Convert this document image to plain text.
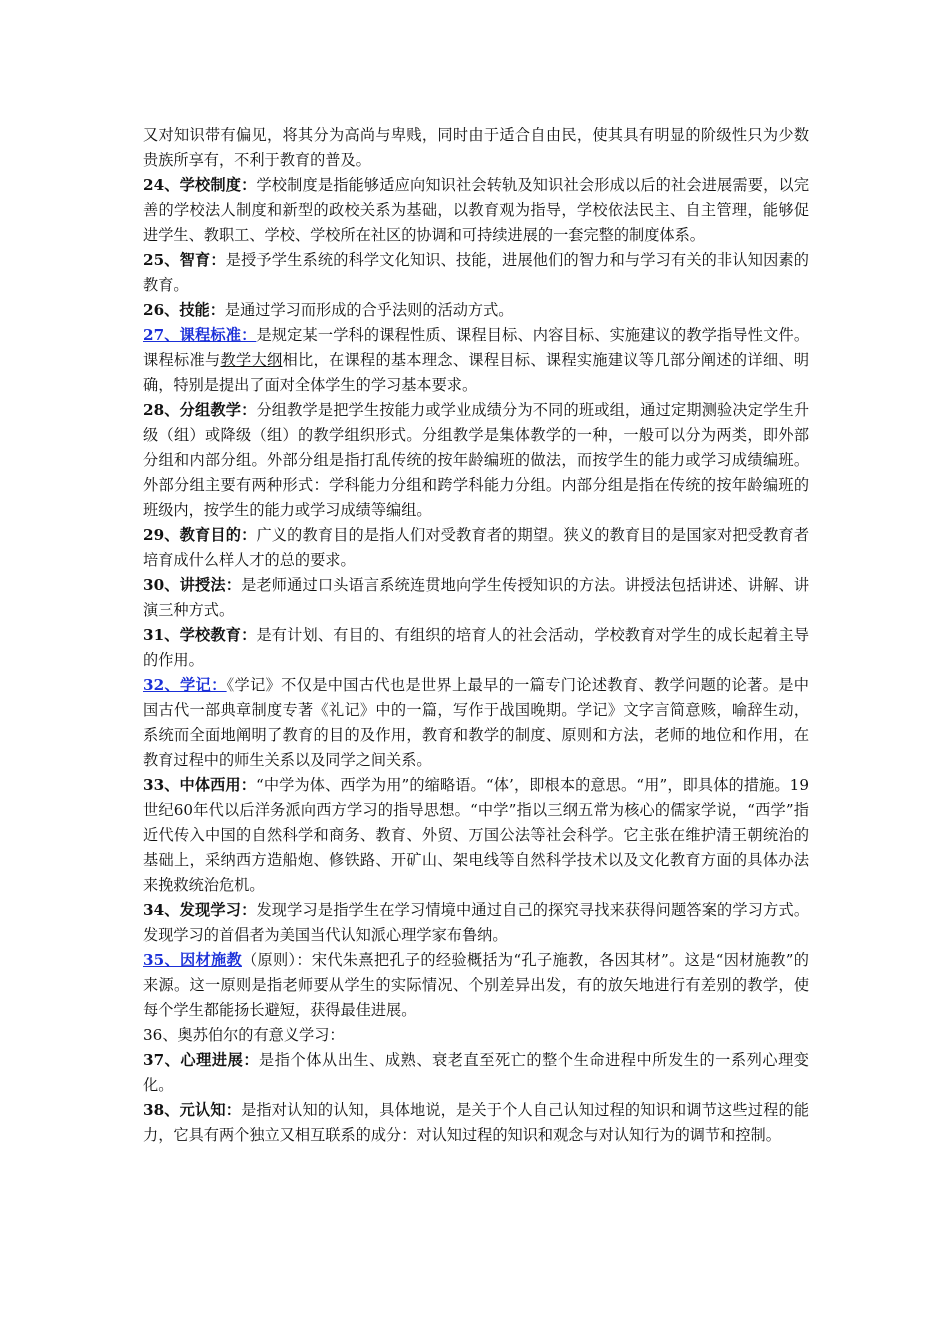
又对知识带有偏见，将其分为高尚与卑贱，同时由于适合自由民，使其具有明显的阶级性只为少数贵族所享有，不利于教育的普及。

24、学校制度：学校制度是指能够适应向知识社会转轨及知识社会形成以后的社会进展需要，以完善的学校法人制度和新型的政校关系为基础，以教育观为指导，学校依法民主、自主管理，能够促进学生、教职工、学校、学校所在社区的协调和可持续进展的一套完整的制度体系。

25、智育：是授予学生系统的科学文化知识、技能，进展他们的智力和与学习有关的非认知因素的教育。

26、技能：是通过学习而形成的合乎法则的活动方式。

27、课程标准：是规定某一学科的课程性质、课程目标、内容目标、实施建议的教学指导性文件。课程标准与教学大纲相比，在课程的基本理念、课程目标、课程实施建议等几部分阐述的详细、明确，特别是提出了面对全体学生的学习基本要求。

28、分组教学：分组教学是把学生按能力或学业成绩分为不同的班或组，通过定期测验决定学生升级（组）或降级（组）的教学组织形式。分组教学是集体教学的一种，一般可以分为两类，即外部分组和内部分组。外部分组是指打乱传统的按年龄编班的做法，而按学生的能力或学习成绩编班。外部分组主要有两种形式：学科能力分组和跨学科能力分组。内部分组是指在传统的按年龄编班的班级内，按学生的能力或学习成绩等编组。

29、教育目的：广义的教育目的是指人们对受教育者的期望。狭义的教育目的是国家对把受教育者培育成什么样人才的总的要求。

30、讲授法：是老师通过口头语言系统连贯地向学生传授知识的方法。讲授法包括讲述、讲解、讲演三种方式。

31、学校教育：是有计划、有目的、有组织的培育人的社会活动，学校教育对学生的成长起着主导的作用。

32、学记：《学记》不仅是中国古代也是世界上最早的一篇专门论述教育、教学问题的论著。是中国古代一部典章制度专著《礼记》中的一篇，写作于战国晚期。学记》文字言简意赅，喻辞生动，系统而全面地阐明了教育的目的及作用，教育和教学的制度、原则和方法，老师的地位和作用，在教育过程中的师生关系以及同学之间关系。

33、中体西用：“中学为体、西学为用”的缩略语。“体’，即根本的意思。“用”，即具体的措施。19世纪60年代以后洋务派向西方学习的指导思想。“中学”指以三纲五常为核心的儒家学说，“西学”指近代传入中国的自然科学和商务、教育、外贸、万国公法等社会科学。它主张在维护清王朝统治的基础上，采纳西方造船炮、修铁路、开矿山、架电线等自然科学技术以及文化教育方面的具体办法来挽救统治危机。

34、发现学习：发现学习是指学生在学习情境中通过自己的探究寻找来获得问题答案的学习方式。发现学习的首倡者为美国当代认知派心理学家布鲁纳。

35、因材施教（原则）：宋代朱熹把孔子的经验概括为“孔子施教，各因其材”。这是“因材施教”的来源。这一原则是指老师要从学生的实际情况、个别差异出发，有的放矢地进行有差别的教学，使每个学生都能扬长避短，获得最佳进展。

36、奥苏伯尔的有意义学习：

37、心理进展：是指个体从出生、成熟、衰老直至死亡的整个生命进程中所发生的一系列心理变化。

38、元认知：是指对认知的认知，具体地说，是关于个人自己认知过程的知识和调节这些过程的能力，它具有两个独立又相互联系的成分：对认知过程的知识和观念与对认知行为的调节和控制。
